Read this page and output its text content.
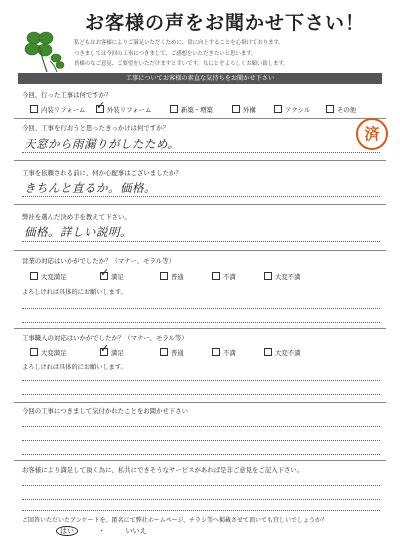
お客様の声をお聞かせ下さい！
私どもはお客様によりご満足いただくために、常に向上することを心掛けております。
つきましては今回の工事につきまして、ご感想をいただきたいと思います。
皆様のなご意見、ご要望をいただけますと幸いです。なにとぞよろしくお願い致します。
工事についてお客様の素直な気持ちをお聞かせ下さい
今回、行った工事は何ですか？
内装リフォーム ✓ 外装リフォーム	新築・増築	外構	アクシル	その他
今回、工事を行おうと思ったきっかけは何ですか？
天窓から雨漏りがしたため。
済
工事を依頼される前に、何か心配事はございましたか？
きちんと直るか。価格。
弊社を選んだ決め手を教えて下さい。
価格。詳しい説明。
営業の対応はいかがでしたか？（マナー、モラル等）
大変満足	✓ 満足	普通	不満	大変不満
よろしければ具体的にお願いします。
工事職人の対応はいかがでしたか？（マナー、モラル等）
大変満足	✓ 満足	普通	不満	大変不満
よろしければ具体的にお願いします。
今回の工事につきまして気付かれたことをお聞かせ下さい
お客様により満足して頂く為に、私共にできそうなサービスがあれば是非ご意見をご記入下さい。
ご回答いただいたアンケートを、匿名にて弊社ホームページ、チラシ等へ掲載させて頂いても宜しいでしょうか？
はい	・	いいえ
